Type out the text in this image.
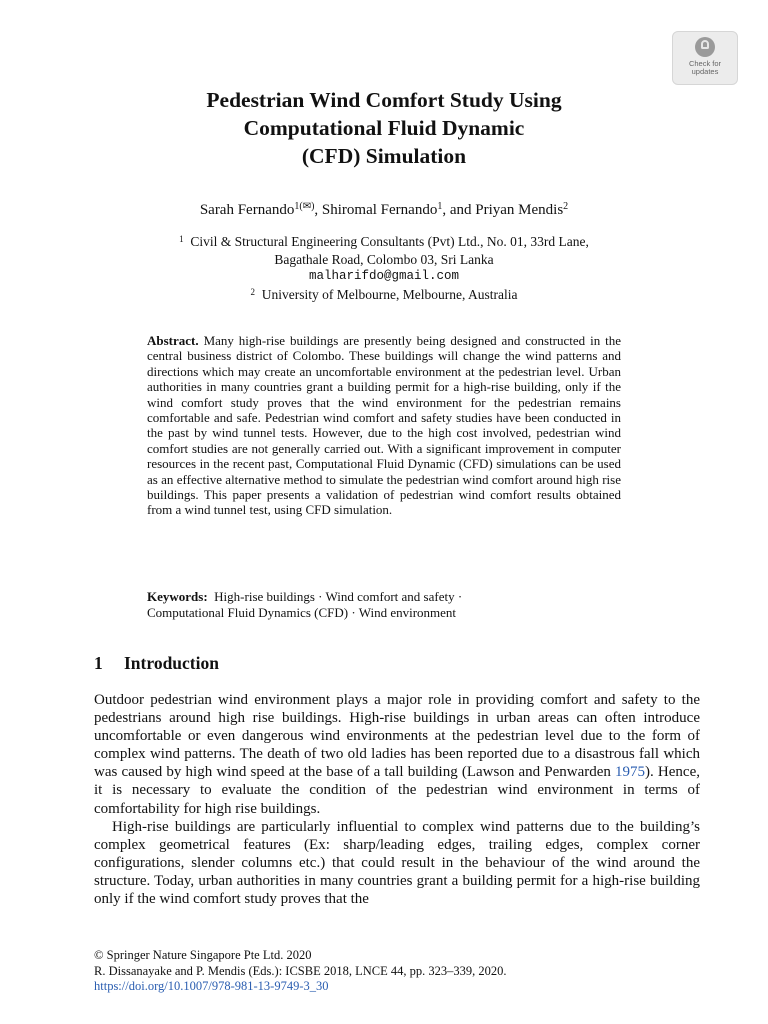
Check for
updates
Pedestrian Wind Comfort Study Using
Computational Fluid Dynamic
(CFD) Simulation
Sarah Fernando$^{1(✉)}$, Shiromal Fernando$^1$, and Priyan Mendis$^2$
$^1$ Civil & Structural Engineering Consultants (Pvt) Ltd., No. 01, 33rd Lane,
Bagathale Road, Colombo 03, Sri Lanka
malharifdo@gmail.com
$^2$ University of Melbourne, Melbourne, Australia
Abstract. Many high-rise buildings are presently being designed and constructed in the central business district of Colombo. These buildings will change the wind patterns and directions which may create an uncomfortable environment at the pedestrian level. Urban authorities in many countries grant a building permit for a high-rise building, only if the wind comfort study proves that the wind environment for the pedestrian remains comfortable and safe. Pedestrian wind comfort and safety studies have been conducted in the past by wind tunnel tests. However, due to the high cost involved, pedestrian wind comfort studies are not generally carried out. With a significant improvement in computer resources in the recent past, Computational Fluid Dynamic (CFD) simulations can be used as an effective alternative method to simulate the pedestrian wind comfort around high rise buildings. This paper presents a validation of pedestrian wind comfort results obtained from a wind tunnel test, using CFD simulation.
Keywords: High-rise buildings · Wind comfort and safety ·
Computational Fluid Dynamics (CFD) · Wind environment
1 Introduction

Outdoor pedestrian wind environment plays a major role in providing comfort and safety to the pedestrians around high rise buildings. High-rise buildings in urban areas can often introduce uncomfortable or even dangerous wind environments at the pedestrian level due to the form of complex wind patterns. The death of two old ladies has been reported due to a disastrous fall which was caused by high wind speed at the base of a tall building (Lawson and Penwarden 1975). Hence, it is necessary to evaluate the condition of the pedestrian wind environment in terms of comfortability for high rise buildings.

High-rise buildings are particularly influential to complex wind patterns due to the building’s complex geometrical features (Ex: sharp/leading edges, trailing edges, complex corner configurations, slender columns etc.) that could result in the behaviour of the wind around the structure. Today, urban authorities in many countries grant a building permit for a high-rise building only if the wind comfort study proves that the

© Springer Nature Singapore Pte Ltd. 2020
R. Dissanayake and P. Mendis (Eds.): ICSBE 2018, LNCE 44, pp. 323–339, 2020.
https://doi.org/10.1007/978-981-13-9749-3_30
